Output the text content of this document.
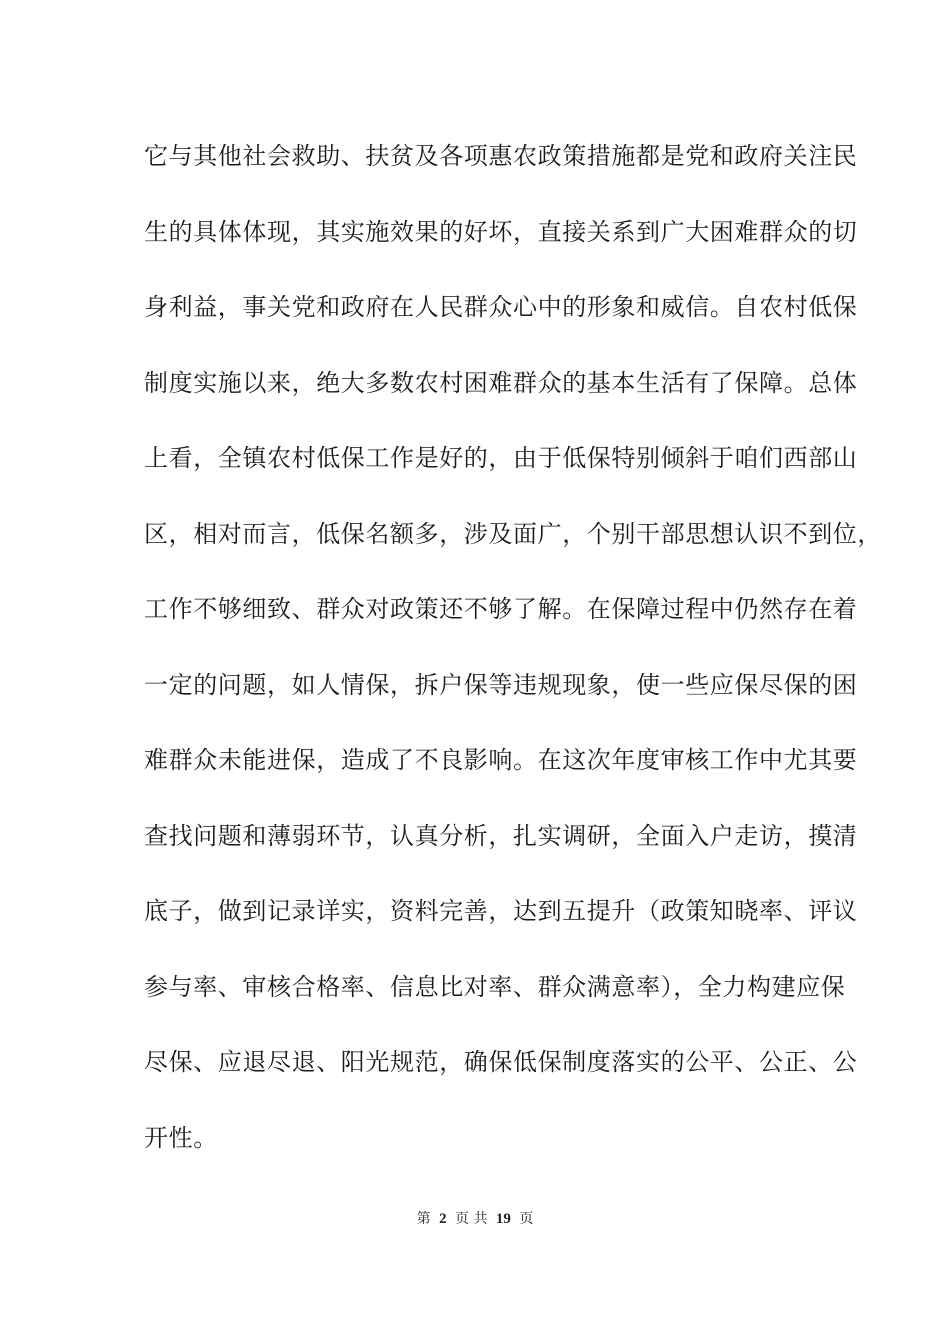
它与其他社会救助、扶贫及各项惠农政策措施都是党和政府关注民
生的具体体现，其实施效果的好坏，直接关系到广大困难群众的切
身利益，事关党和政府在人民群众心中的形象和威信。自农村低保
制度实施以来，绝大多数农村困难群众的基本生活有了保障。总体
上看，全镇农村低保工作是好的，由于低保特别倾斜于咱们西部山
区，相对而言，低保名额多，涉及面广，个别干部思想认识不到位，
工作不够细致、群众对政策还不够了解。在保障过程中仍然存在着
一定的问题，如人情保，拆户保等违规现象，使一些应保尽保的困
难群众未能进保，造成了不良影响。在这次年度审核工作中尤其要
查找问题和薄弱环节，认真分析，扎实调研，全面入户走访，摸清
底子，做到记录详实，资料完善，达到五提升（政策知晓率、评议
参与率、审核合格率、信息比对率、群众满意率），全力构建应保
尽保、应退尽退、阳光规范，确保低保制度落实的公平、公正、公
开性。
第 2 页 共 19 页
